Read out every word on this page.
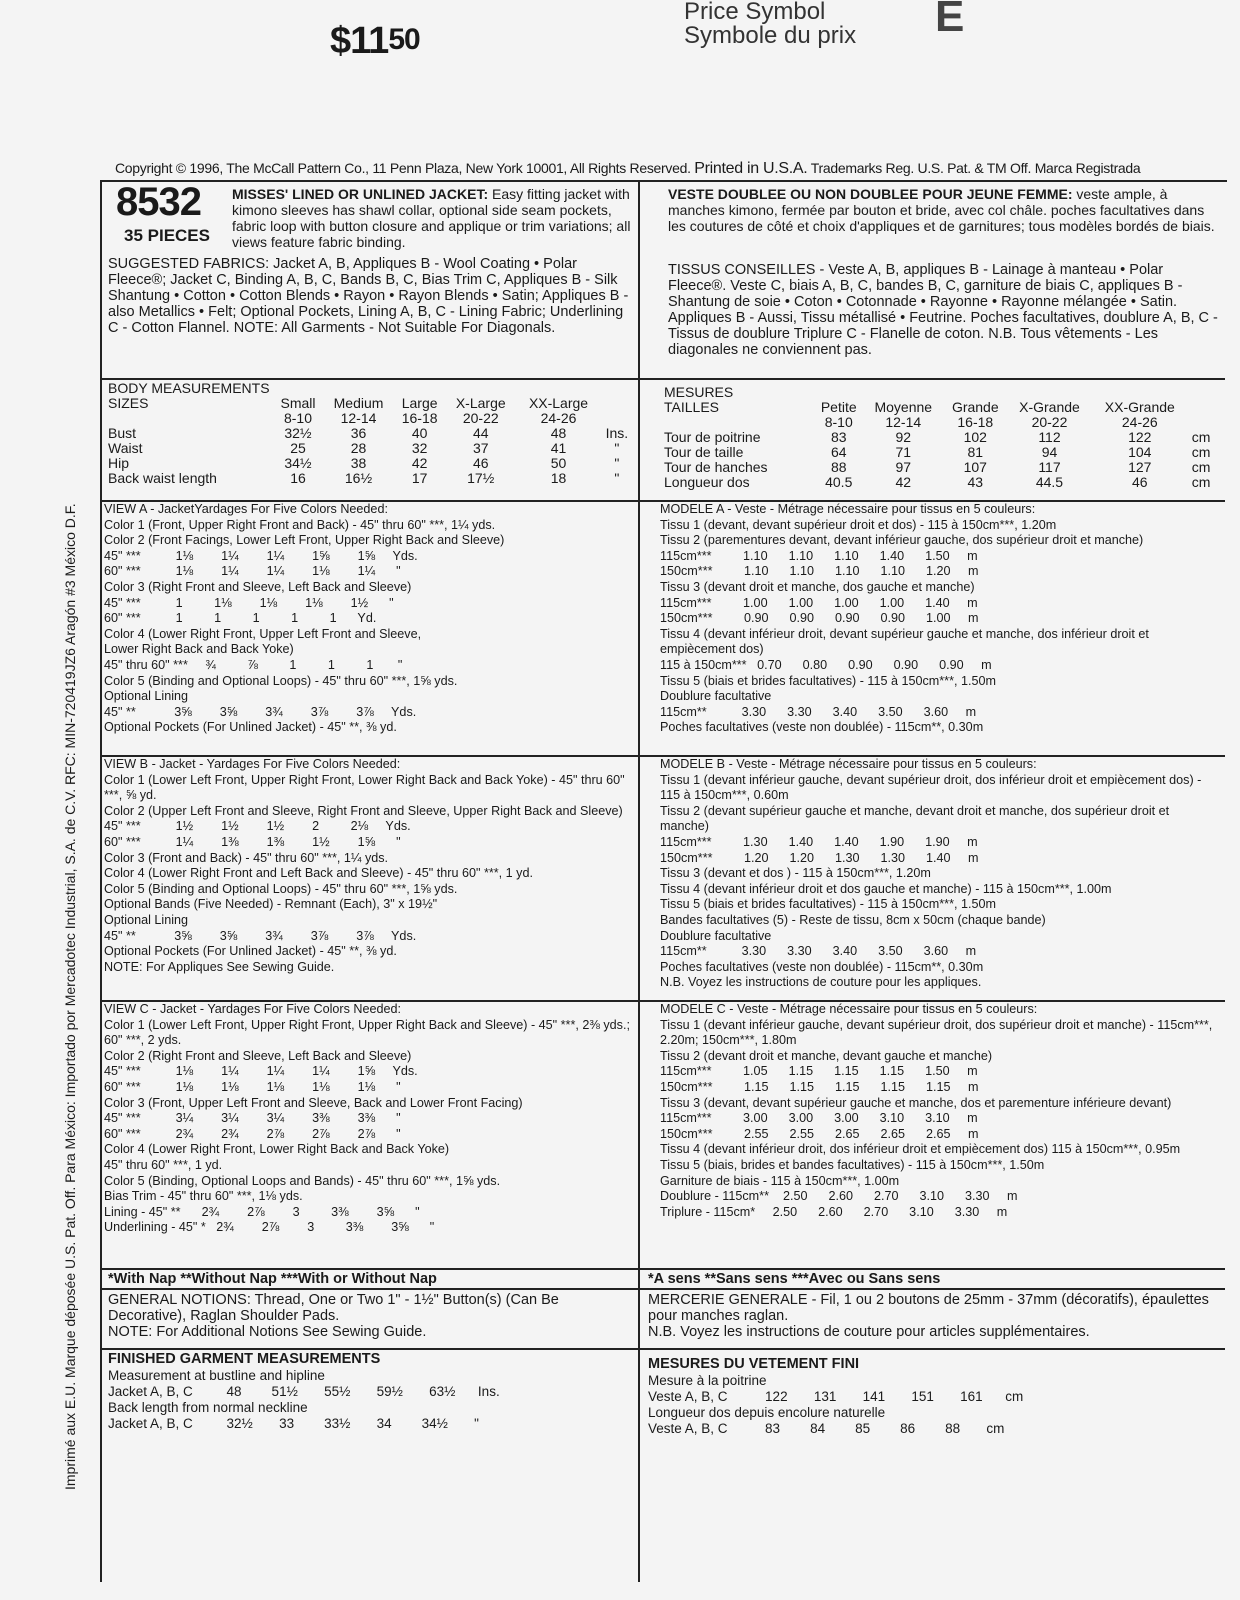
$1150
Price Symbol
Symbole du prix E
Copyright © 1996, The McCall Pattern Co., 11 Penn Plaza, New York 10001, All Rights Reserved. Printed in U.S.A. Trademarks Reg. U.S. Pat. & TM Off. Marca Registrada
Imprimé aux E.U. Marque déposée U.S. Pat. Off. Para México: Importado por Mercadotec Industrial, S.A. de C.V. RFC: MIN-720419JZ6 Aragón #3 México D.F.
8532
35 PIECES
MISSES' LINED OR UNLINED JACKET: Easy fitting jacket with kimono sleeves has shawl collar, optional side seam pockets, fabric loop with button closure and applique or trim variations; all views feature fabric binding.
SUGGESTED FABRICS: Jacket A, B, Appliques B - Wool Coating • Polar Fleece®; Jacket C, Binding A, B, C, Bands B, C, Bias Trim C, Appliques B - Silk Shantung • Cotton • Cotton Blends • Rayon • Rayon Blends • Satin; Appliques B - also Metallics • Felt; Optional Pockets, Lining A, B, C - Lining Fabric; Underlining C - Cotton Flannel. NOTE: All Garments - Not Suitable For Diagonals.
VESTE DOUBLEE OU NON DOUBLEE POUR JEUNE FEMME: veste ample, à manches kimono, fermée par bouton et bride, avec col châle. poches facultatives dans les coutures de côté et choix d'appliques et de garnitures; tous modèles bordés de biais.
TISSUS CONSEILLES - Veste A, B, appliques B - Lainage à manteau • Polar Fleece®. Veste C, biais A, B, C, bandes B, C, garniture de biais C, appliques B - Shantung de soie • Coton • Cotonnade • Rayonne • Rayonne mélangée • Satin. Appliques B - Aussi, Tissu métallisé • Feutrine. Poches facultatives, doublure A, B, C - Tissus de doublure Triplure C - Flanelle de coton. N.B. Tous vêtements - Les diagonales ne conviennent pas.
BODY MEASUREMENTS
SIZES	Small	Medium	Large	X-Large	XX-Large	
	8-10	12-14	16-18	20-22	24-26	
Bust	32½	36	40	44	48	Ins.
Waist	25	28	32	37	41	"
Hip	34½	38	42	46	50	"
Back waist length	16	16½	17	17½	18	"
MESURES
TAILLES	Petite	Moyenne	Grande	X-Grande	XX-Grande	
	8-10	12-14	16-18	20-22	24-26	
Tour de poitrine	83	92	102	112	122	cm
Tour de taille	64	71	81	94	104	cm
Tour de hanches	88	97	107	117	127	cm
Longueur dos	40.5	42	43	44.5	46	cm
VIEW A - JacketYardages For Five Colors Needed:
Color 1 (Front, Upper Right Front and Back) - 45" thru 60" ***, 1¼ yds.
Color 2 (Front Facings, Lower Left Front, Upper Right Back and Sleeve)
45" ***          1⅛        1¼        1¼        1⅝        1⅝     Yds.
60" ***          1⅛        1¼        1¼        1⅛        1¼      "
Color 3 (Right Front and Sleeve, Left Back and Sleeve)
45" ***          1         1⅛        1⅛        1⅛        1½      "
60" ***          1         1         1         1         1      Yd.
Color 4 (Lower Right Front, Upper Left Front and Sleeve,
Lower Right Back and Back Yoke)
45" thru 60" ***     ¾         ⅞         1         1         1       "
Color 5 (Binding and Optional Loops) - 45" thru 60" ***, 1⅝ yds.
Optional Lining
45" **           3⅝        3⅝        3¾        3⅞        3⅞     Yds.
Optional Pockets (For Unlined Jacket) - 45" **, ⅜ yd.
VIEW B - Jacket - Yardages For Five Colors Needed:
Color 1 (Lower Left Front, Upper Right Front, Lower Right Back and Back Yoke) - 45" thru 60" ***, ⅝ yd.
Color 2 (Upper Left Front and Sleeve, Right Front and Sleeve, Upper Right Back and Sleeve)
45" ***          1½        1½        1½        2         2⅛     Yds.
60" ***          1¼        1⅜        1⅜        1½        1⅝      "
Color 3 (Front and Back) - 45" thru 60" ***, 1¼ yds.
Color 4 (Lower Right Front and Left Back and Sleeve) - 45" thru 60" ***, 1 yd.
Color 5 (Binding and Optional Loops) - 45" thru 60" ***, 1⅝ yds.
Optional Bands (Five Needed) - Remnant (Each), 3" x 19½"
Optional Lining
45" **           3⅝        3⅝        3¾        3⅞        3⅞     Yds.
Optional Pockets (For Unlined Jacket) - 45" **, ⅜ yd.
NOTE: For Appliques See Sewing Guide.
VIEW C - Jacket - Yardages For Five Colors Needed:
Color 1 (Lower Left Front, Upper Right Front, Upper Right Back and Sleeve) - 45" ***, 2⅜ yds.; 60" ***, 2 yds.
Color 2 (Right Front and Sleeve, Left Back and Sleeve)
45" ***          1⅛        1¼        1¼        1¼        1⅝     Yds.
60" ***          1⅛        1⅛        1⅛        1⅛        1⅛      "
Color 3 (Front, Upper Left Front and Sleeve, Back and Lower Front Facing)
45" ***          3¼        3¼        3¼        3⅜        3⅜      "
60" ***          2¾        2¾        2⅞        2⅞        2⅞      "
Color 4 (Lower Right Front, Lower Right Back and Back Yoke)
45" thru 60" ***, 1 yd.
Color 5 (Binding, Optional Loops and Bands) - 45" thru 60" ***, 1⅝ yds.
Bias Trim - 45" thru 60" ***, 1⅛ yds.
Lining - 45" **      2¾        2⅞        3         3⅜        3⅝      "
Underlining - 45" *   2¾        2⅞        3         3⅜        3⅝      "
MODELE A - Veste - Métrage nécessaire pour tissus en 5 couleurs:
Tissu 1 (devant, devant supérieur droit et dos) - 115 à 150cm***, 1.20m
Tissu 2 (parementures devant, devant inférieur gauche, dos supérieur droit et manche)
115cm***         1.10      1.10      1.10      1.40      1.50     m
150cm***         1.10      1.10      1.10      1.10      1.20     m
Tissu 3 (devant droit et manche, dos gauche et manche)
115cm***         1.00      1.00      1.00      1.00      1.40     m
150cm***         0.90      0.90      0.90      0.90      1.00     m
Tissu 4 (devant inférieur droit, devant supérieur gauche et manche, dos inférieur droit et empiècement dos)
115 à 150cm***   0.70      0.80      0.90      0.90      0.90     m
Tissu 5 (biais et brides facultatives) - 115 à 150cm***, 1.50m
Doublure facultative
115cm**          3.30      3.30      3.40      3.50      3.60     m
Poches facultatives (veste non doublée) - 115cm**, 0.30m
MODELE B - Veste - Métrage nécessaire pour tissus en 5 couleurs:
Tissu 1 (devant inférieur gauche, devant supérieur droit, dos inférieur droit et empiècement dos) - 115 à 150cm***, 0.60m
Tissu 2 (devant supérieur gauche et manche, devant droit et manche, dos supérieur droit et manche)
115cm***         1.30      1.40      1.40      1.90      1.90     m
150cm***         1.20      1.20      1.30      1.30      1.40     m
Tissu 3 (devant et dos ) - 115 à 150cm***, 1.20m
Tissu 4 (devant inférieur droit et dos gauche et manche) - 115 à 150cm***, 1.00m
Tissu 5 (biais et brides facultatives) - 115 à 150cm***, 1.50m
Bandes facultatives (5) - Reste de tissu, 8cm x 50cm (chaque bande)
Doublure facultative
115cm**          3.30      3.30      3.40      3.50      3.60     m
Poches facultatives (veste non doublée) - 115cm**, 0.30m
N.B. Voyez les instructions de couture pour les appliques.
MODELE C - Veste - Métrage nécessaire pour tissus en 5 couleurs:
Tissu 1 (devant inférieur gauche, devant supérieur droit, dos supérieur droit et manche) - 115cm***, 2.20m; 150cm***, 1.80m
Tissu 2 (devant droit et manche, devant gauche et manche)
115cm***         1.05      1.15      1.15      1.15      1.50     m
150cm***         1.15      1.15      1.15      1.15      1.15     m
Tissu 3 (devant, devant supérieur gauche et manche, dos et parementure inférieure devant)
115cm***         3.00      3.00      3.00      3.10      3.10     m
150cm***         2.55      2.55      2.65      2.65      2.65     m
Tissu 4 (devant inférieur droit, dos inférieur droit et empiècement dos) 115 à 150cm***, 0.95m
Tissu 5 (biais, brides et bandes facultatives) - 115 à 150cm***, 1.50m
Garniture de biais - 115 à 150cm***, 1.00m
Doublure - 115cm**    2.50      2.60      2.70      3.10      3.30     m
Triplure - 115cm*     2.50      2.60      2.70      3.10      3.30     m
*With Nap **Without Nap ***With or Without Nap	*A sens **Sans sens ***Avec ou Sans sens
GENERAL NOTIONS: Thread, One or Two 1" - 1½" Button(s) (Can Be Decorative), Raglan Shoulder Pads.
NOTE: For Additional Notions See Sewing Guide.
MERCERIE GENERALE - Fil, 1 ou 2 boutons de 25mm - 37mm (décoratifs), épaulettes pour manches raglan.
N.B. Voyez les instructions de couture pour articles supplémentaires.
FINISHED GARMENT MEASUREMENTS
Measurement at bustline and hipline
Jacket A, B, C         48        51½       55½       59½       63½      Ins.
Back length from normal neckline
Jacket A, B, C         32½       33        33½       34        34½       "
MESURES DU VETEMENT FINI
Mesure à la poitrine
Veste A, B, C          122       131       141       151       161      cm
Longueur dos depuis encolure naturelle
Veste A, B, C          83        84        85        86        88       cm
